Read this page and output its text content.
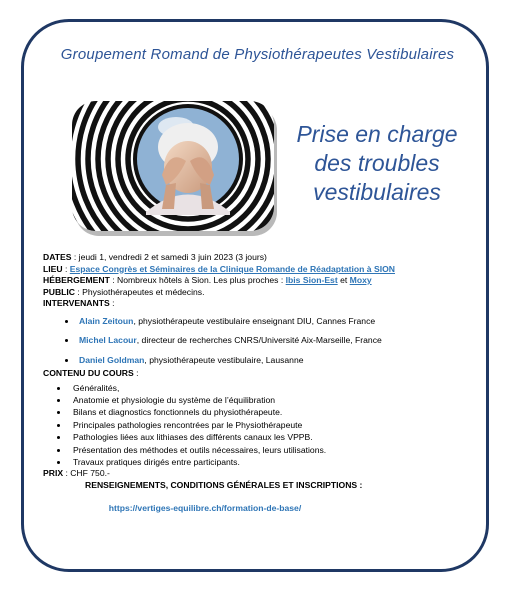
Groupement Romand de Physiothérapeutes Vestibulaires
Prise en charge
des troubles
vestibulaires
DATES : jeudi 1, vendredi 2 et samedi 3 juin 2023 (3 jours)
LIEU : Espace Congrès et Séminaires de la Clinique Romande de Réadaptation à SION
HÉBERGEMENT : Nombreux hôtels à Sion. Les plus proches : Ibis Sion-Est et Moxy
PUBLIC : Physiothérapeutes et médecins.
INTERVENANTS :
• Alain Zeitoun, physiothérapeute vestibulaire enseignant DIU, Cannes France
• Michel Lacour, directeur de recherches CNRS/Université Aix-Marseille, France
• Daniel Goldman, physiothérapeute vestibulaire, Lausanne
CONTENU DU COURS :
• Généralités,
• Anatomie et physiologie du système de l’équilibration
• Bilans et diagnostics fonctionnels du physiothérapeute.
• Principales pathologies rencontrées par le Physiothérapeute
• Pathologies liées aux lithiases des différents canaux les VPPB.
• Présentation des méthodes et outils nécessaires, leurs utilisations.
• Travaux pratiques dirigés entre participants.
PRIX : CHF 750.-
RENSEIGNEMENTS, CONDITIONS GÉNÉRALES ET INSCRIPTIONS :
https://vertiges-equilibre.ch/formation-de-base/
